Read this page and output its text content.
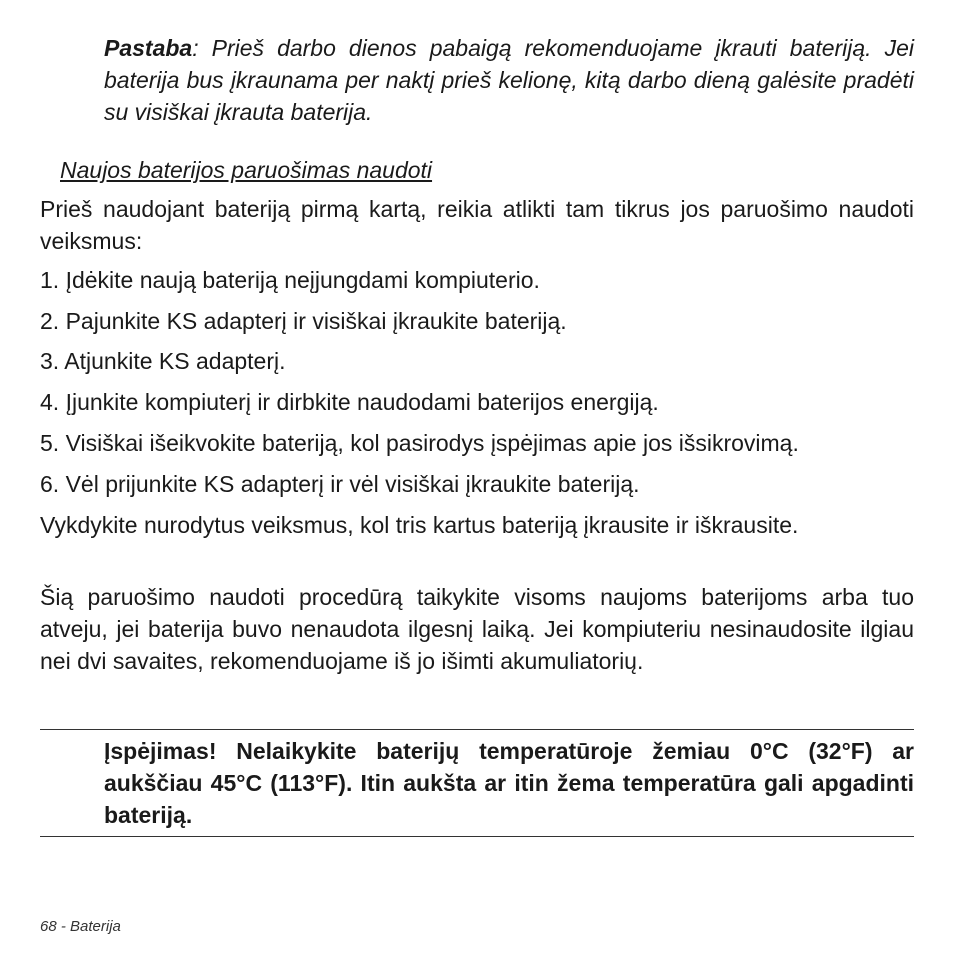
Pastaba: Prieš darbo dienos pabaigą rekomenduojame įkrauti bateriją. Jei baterija bus įkraunama per naktį prieš kelionę, kitą darbo dieną galėsite pradėti su visiškai įkrauta baterija.
Naujos baterijos paruošimas naudoti
Prieš naudojant bateriją pirmą kartą, reikia atlikti tam tikrus jos paruošimo naudoti veiksmus:
1. Įdėkite naują bateriją neįjungdami kompiuterio.
2. Pajunkite KS adapterį ir visiškai įkraukite bateriją.
3. Atjunkite KS adapterį.
4. Įjunkite kompiuterį ir dirbkite naudodami baterijos energiją.
5. Visiškai išeikvokite bateriją, kol pasirodys įspėjimas apie jos išsikrovimą.
6. Vėl prijunkite KS adapterį ir vėl visiškai įkraukite bateriją.
Vykdykite nurodytus veiksmus, kol tris kartus bateriją įkrausite ir iškrausite.
Šią paruošimo naudoti procedūrą taikykite visoms naujoms baterijoms arba tuo atveju, jei baterija buvo nenaudota ilgesnį laiką. Jei kompiuteriu nesinaudosite ilgiau nei dvi savaites, rekomenduojame iš jo išimti akumuliatorių.
Įspėjimas! Nelaikykite baterijų temperatūroje žemiau 0°C (32°F) ar aukščiau 45°C (113°F). Itin aukšta ar itin žema temperatūra gali apgadinti bateriją.
68 - Baterija
